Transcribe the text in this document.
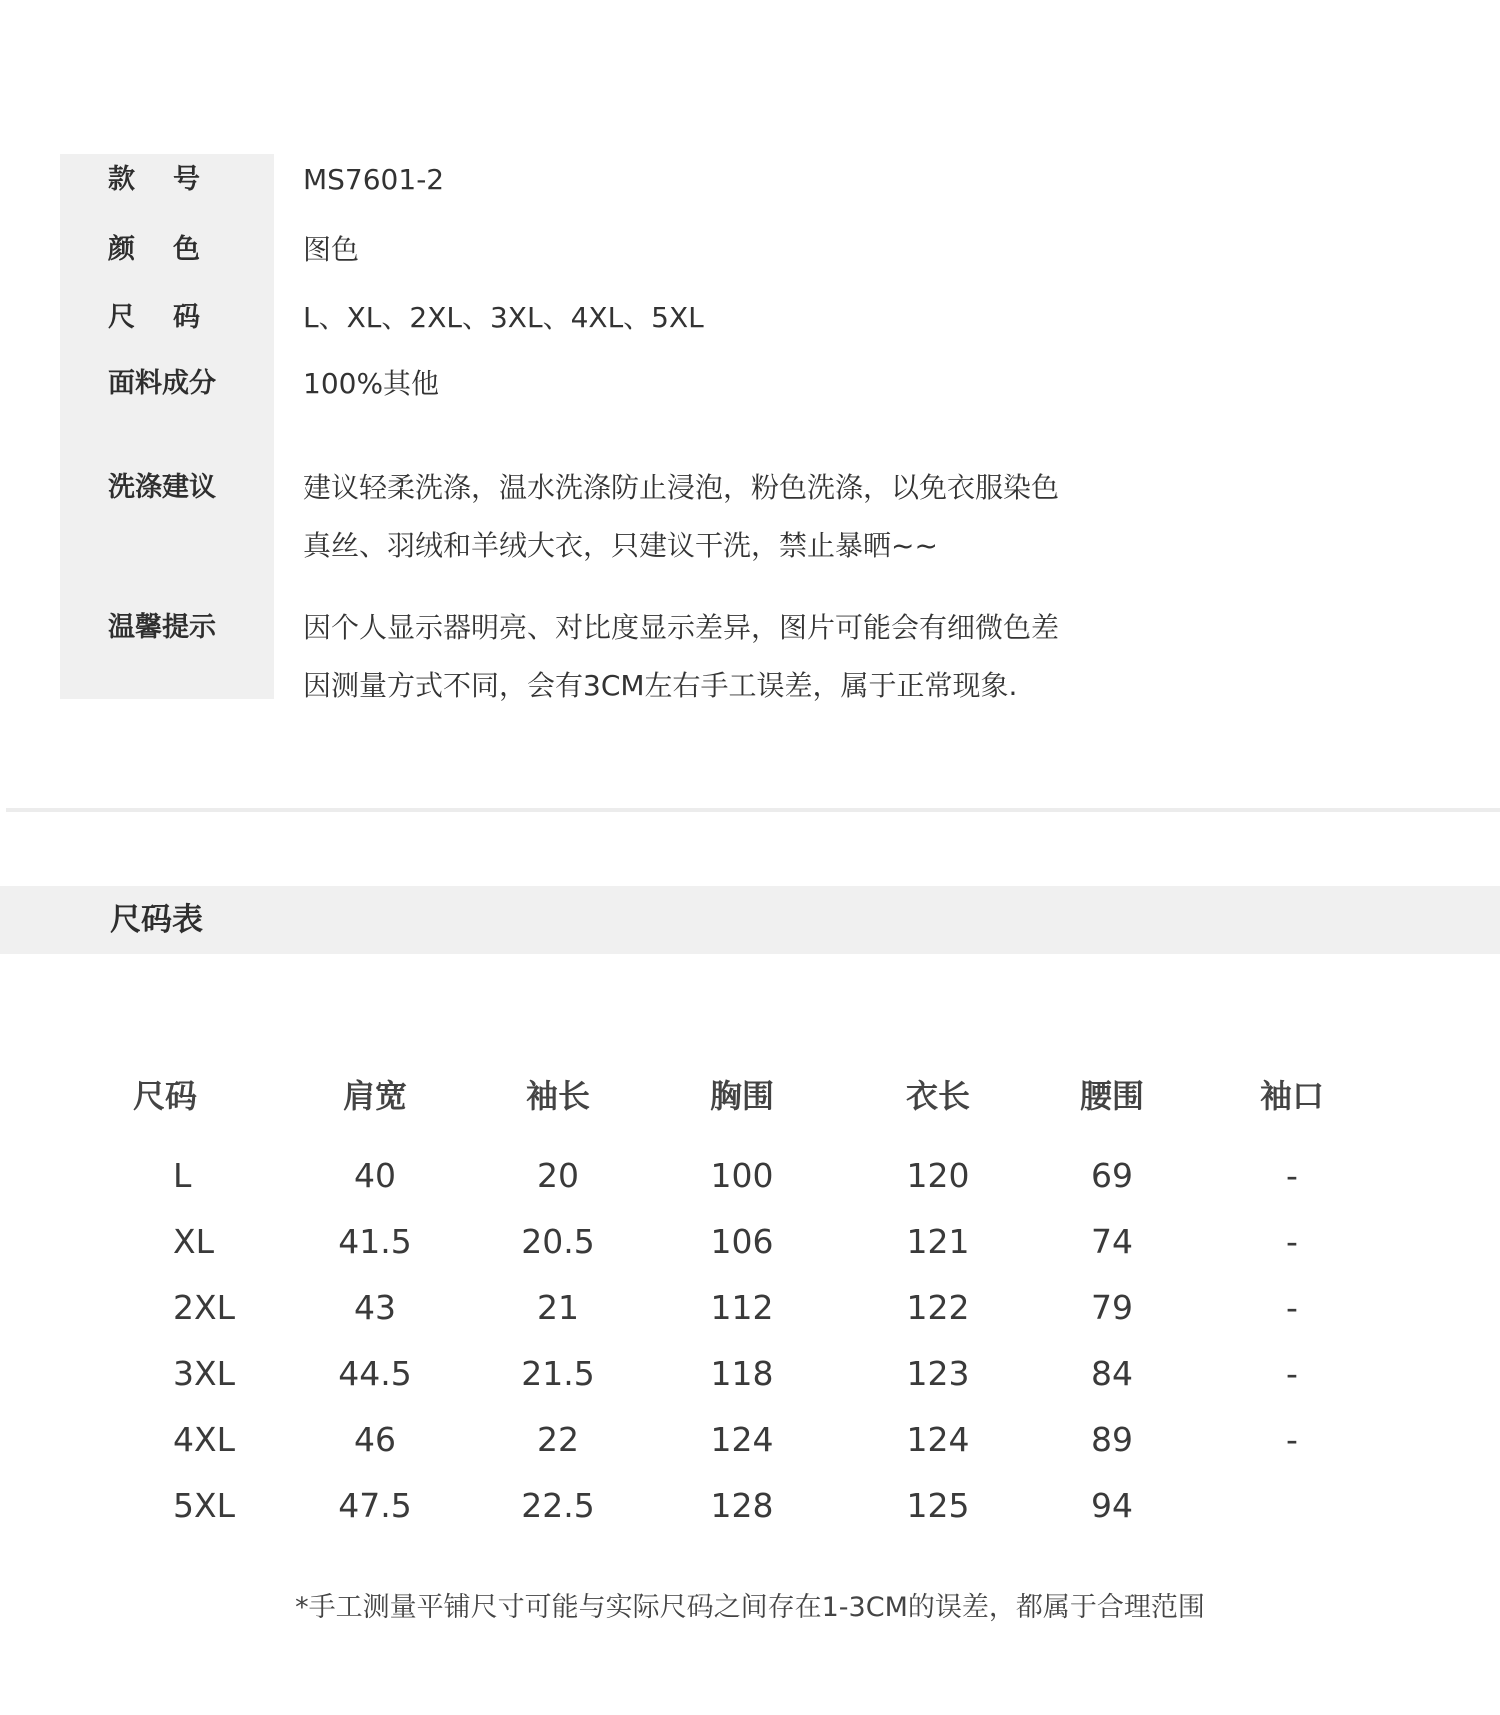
款 号	MS7601-2
颜 色	图色
尺 码	L、XL、2XL、3XL、4XL、5XL
面料成分	100%其他
洗涤建议	建议轻柔洗涤，温水洗涤防止浸泡，粉色洗涤，以免衣服染色
真丝、羽绒和羊绒大衣，只建议干洗，禁止暴晒~~
温馨提示	因个人显示器明亮、对比度显示差异，图片可能会有细微色差
因测量方式不同，会有3CM左右手工误差，属于正常现象.
尺码表
尺码	肩宽	袖长	胸围	衣长	腰围	袖口
L	40	20	100	120	69	-
XL	41.5	20.5	106	121	74	-
2XL	43	21	112	122	79	-
3XL	44.5	21.5	118	123	84	-
4XL	46	22	124	124	89	-
5XL	47.5	22.5	128	125	94
*手工测量平铺尺寸可能与实际尺码之间存在1-3CM的误差，都属于合理范围
